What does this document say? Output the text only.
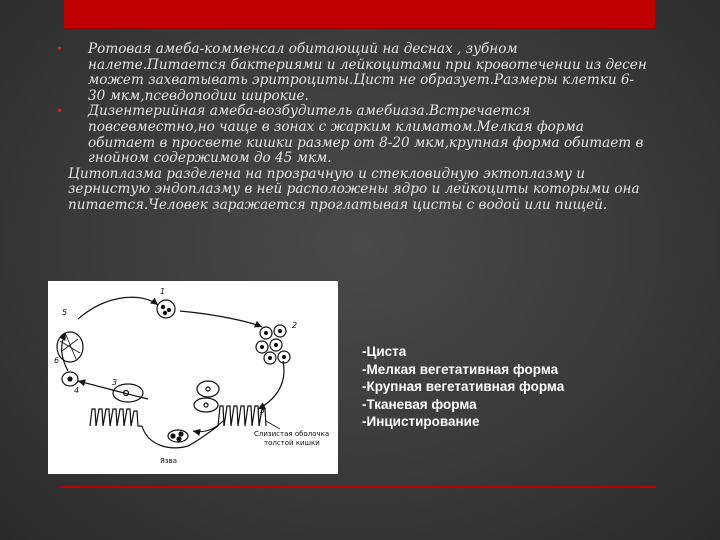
• Ротовая амеба-комменсал обитающий на деснах , зубном налете.Питается бактериями и лейкоцитами при кровотечении из десен может захватывать эритроциты.Цист не образует.Размеры клетки 6-30 мкм,псевдоподии широкие.
• Дизентерийная амеба-возбудитель амебиаза.Встречается повсевместно,но чаще в зонах с жарким климатом.Мелкая форма обитает в просвете кишки размер от 8-20 мкм,крупная форма обитает в гнойном содержимом до 45 мкм.
Цитоплазма разделена на прозрачную и стекловидную эктоплазму и зернистую эндоплазму в ней расположены ядро и лейкоциты которыми она питается.Человек заражается проглатывая цисты с водой или пищей.
1
2
3
4
5
6
3
Язва
Слизистая оболочка
толстой кишки
-Циста
-Мелкая вегетативная форма
-Крупная вегетативная форма
-Тканевая форма
-Инцистирование
